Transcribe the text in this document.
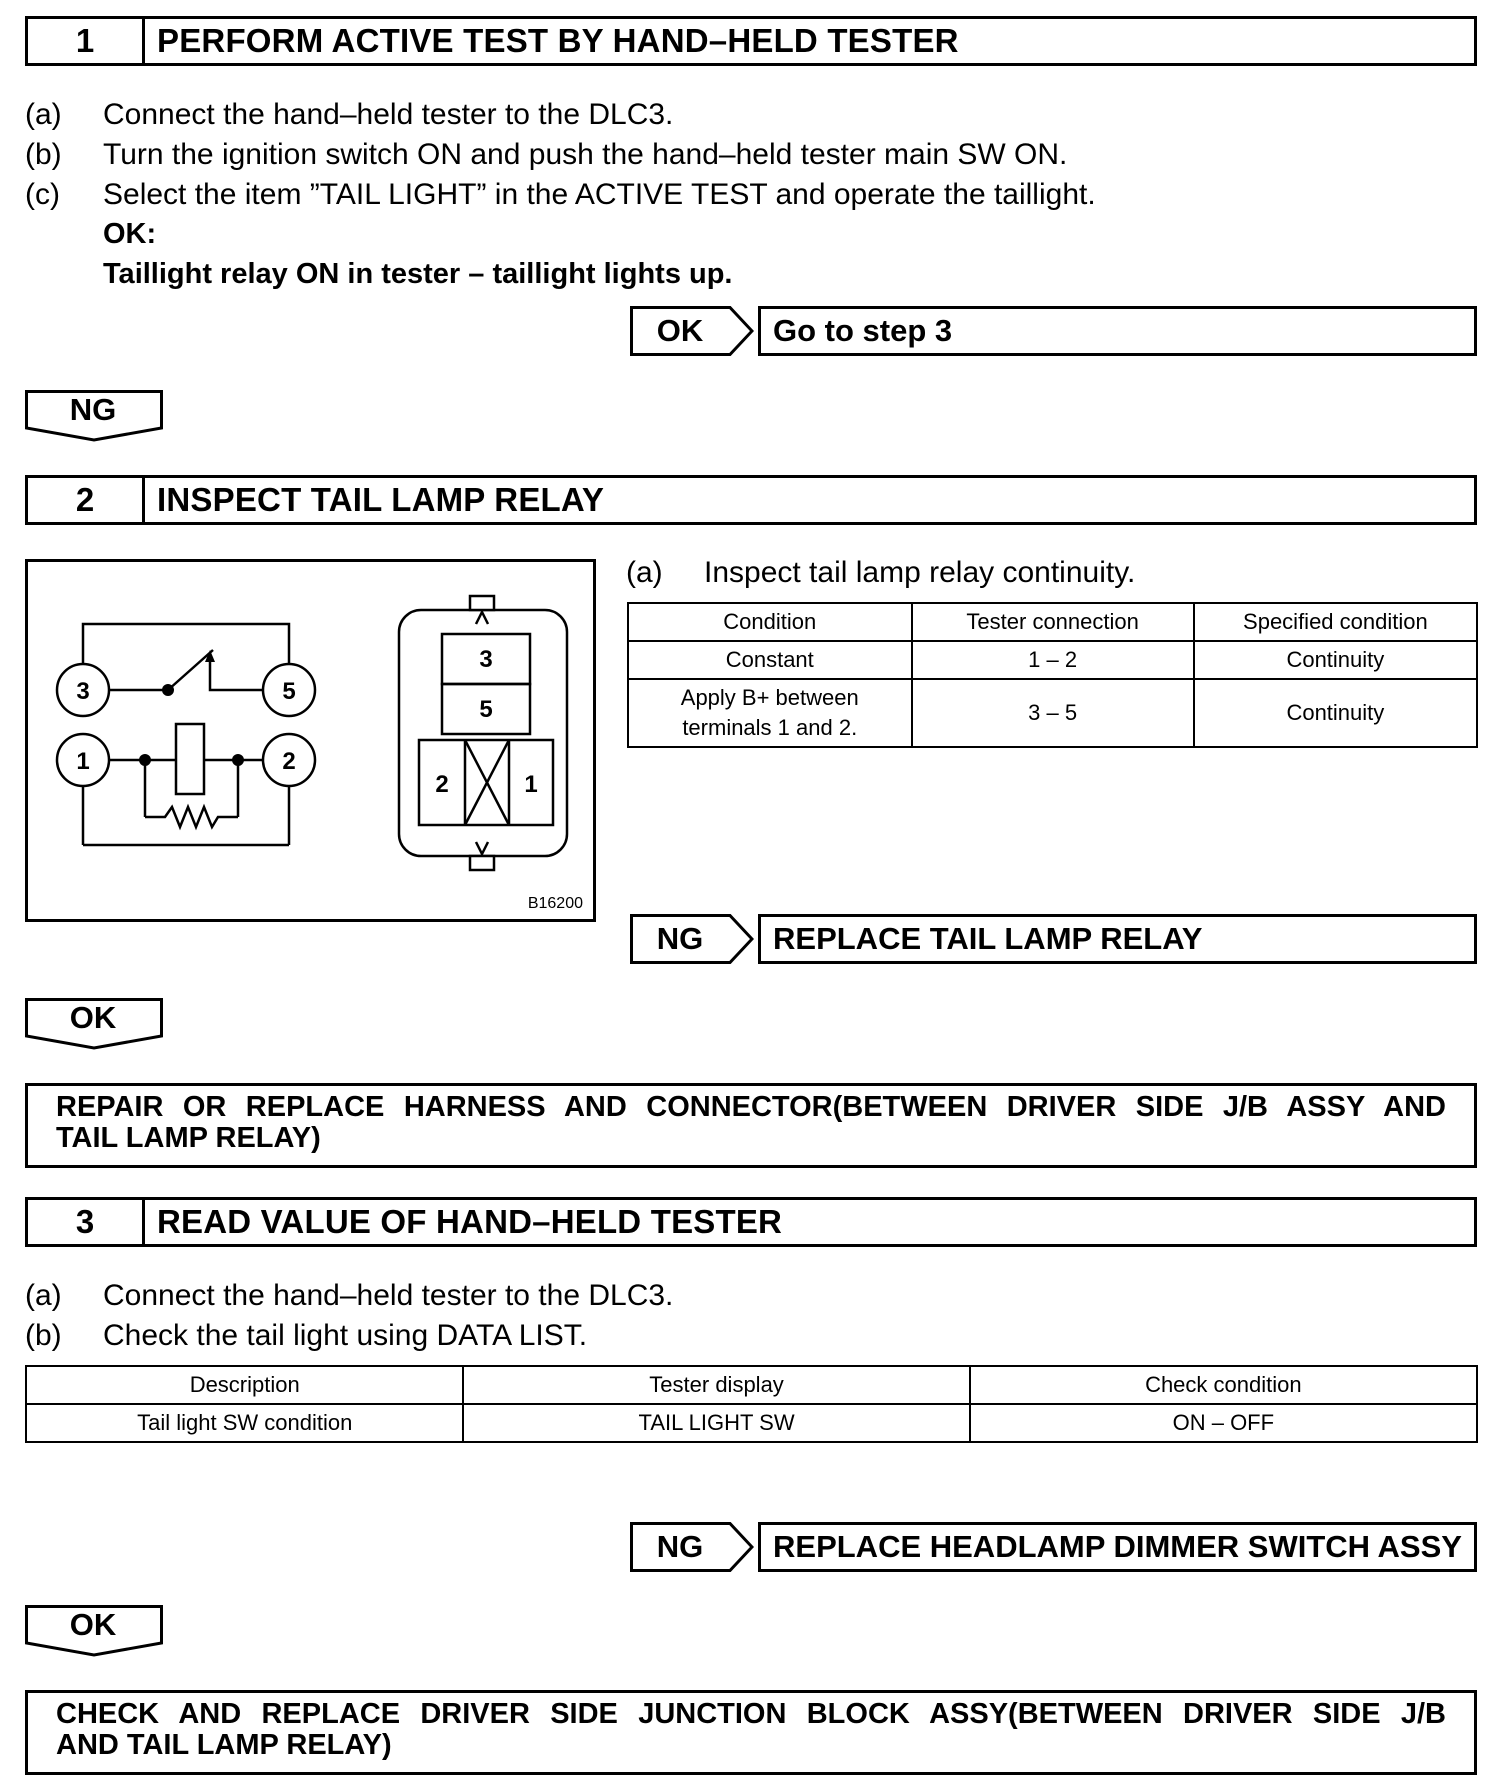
1	PERFORM ACTIVE TEST BY HAND–HELD TESTER
(a) Connect the hand–held tester to the DLC3.
(b) Turn the ignition switch ON and push the hand–held tester main SW ON.
(c) Select the item ”TAIL LIGHT” in the ACTIVE TEST and operate the taillight.
OK:
Taillight relay ON in tester – taillight lights up.
OK	Go to step 3
NG
2	INSPECT TAIL LAMP RELAY
3	5
1	2
3
5
2	1
B16200
(a) Inspect tail lamp relay continuity.
Condition	Tester connection	Specified condition
Constant	1 – 2	Continuity
Apply B+ between terminals 1 and 2.	3 – 5	Continuity
NG	REPLACE TAIL LAMP RELAY
OK
REPAIR OR REPLACE HARNESS AND CONNECTOR(BETWEEN DRIVER SIDE J/B ASSY AND
TAIL LAMP RELAY)
3	READ VALUE OF HAND–HELD TESTER
(a) Connect the hand–held tester to the DLC3.
(b) Check the tail light using DATA LIST.
Description	Tester display	Check condition
Tail light SW condition	TAIL LIGHT SW	ON – OFF
NG	REPLACE HEADLAMP DIMMER SWITCH ASSY
OK
CHECK AND REPLACE DRIVER SIDE JUNCTION BLOCK ASSY(BETWEEN DRIVER SIDE J/B
AND TAIL LAMP RELAY)
